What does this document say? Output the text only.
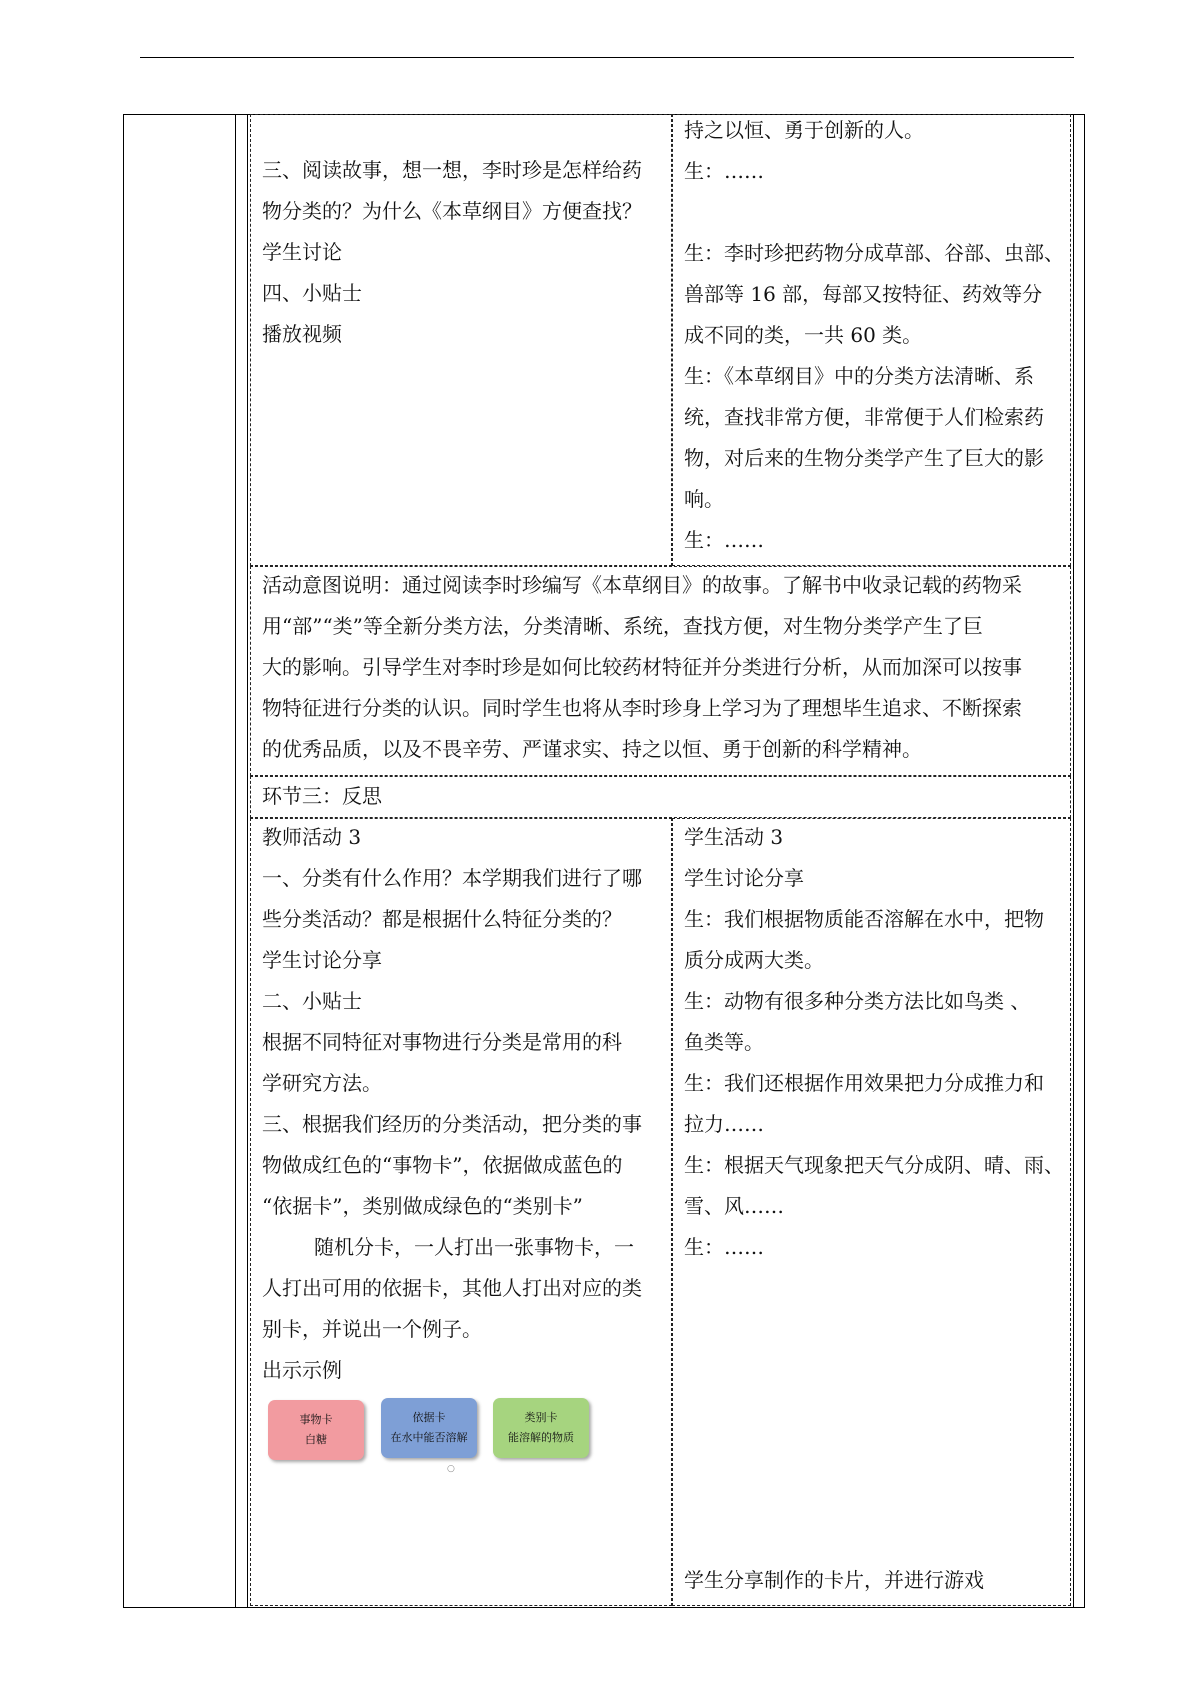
三、阅读故事，想一想，李时珍是怎样给药

物分类的？为什么《本草纲目》方便查找？

学生讨论

四、小贴士

播放视频

持之以恒、勇于创新的人。

生：……

生：李时珍把药物分成草部、谷部、虫部、

兽部等 16 部，每部又按特征、药效等分

成不同的类，一共 60 类。

生：《本草纲目》中的分类方法清晰、系

统，查找非常方便，非常便于人们检索药

物，对后来的生物分类学产生了巨大的影

响。

生：……

活动意图说明：通过阅读李时珍编写《本草纲目》的故事。了解书中收录记载的药物采

用“部”“类”等全新分类方法，分类清晰、系统，查找方便，对生物分类学产生了巨

大的影响。引导学生对李时珍是如何比较药材特征并分类进行分析，从而加深可以按事

物特征进行分类的认识。同时学生也将从李时珍身上学习为了理想毕生追求、不断探索

的优秀品质，以及不畏辛劳、严谨求实、持之以恒、勇于创新的科学精神。

环节三：反思

教师活动 3

一、分类有什么作用？本学期我们进行了哪

些分类活动？都是根据什么特征分类的？

学生讨论分享

二、小贴士

根据不同特征对事物进行分类是常用的科

学研究方法。

三、根据我们经历的分类活动，把分类的事

物做成红色的“事物卡”，依据做成蓝色的

“依据卡”，类别做成绿色的“类别卡”

随机分卡，一人打出一张事物卡，一

人打出可用的依据卡，其他人打出对应的类

别卡，并说出一个例子。

出示示例

事物卡
白糖
依据卡
在水中能否溶解
类别卡
能溶解的物质
○

学生活动 3

学生讨论分享

生：我们根据物质能否溶解在水中，把物

质分成两大类。

生：动物有很多种分类方法比如鸟类 、

鱼类等。

生：我们还根据作用效果把力分成推力和

拉力……

生：根据天气现象把天气分成阴、晴、雨、

雪、风……

生：……

学生分享制作的卡片，并进行游戏
